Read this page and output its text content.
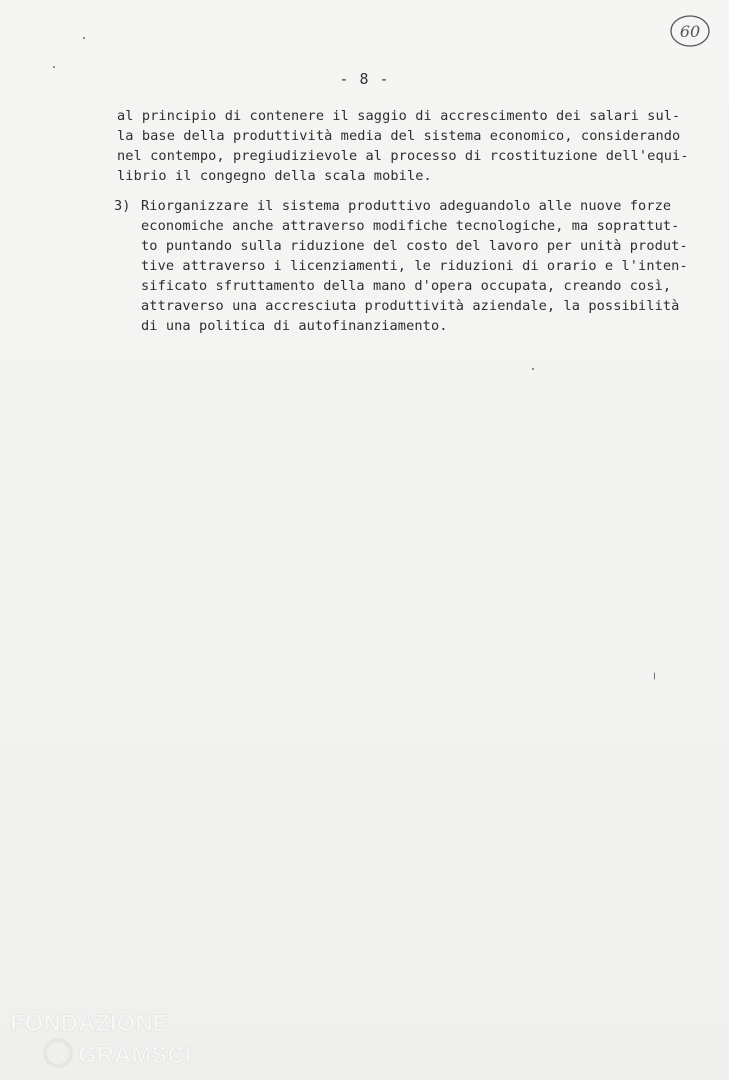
60
- 8 -
al principio di contenere il saggio di accrescimento dei salari sul-
la base della produttività media del sistema economico, considerando
nel contempo, pregiudizievole al processo di rcostituzione dell'equi-
librio il congegno della scala mobile.
3) Riorganizzare il sistema produttivo adeguandolo alle nuove forze
economiche anche attraverso modifiche tecnologiche, ma soprattut-
to puntando sulla riduzione del costo del lavoro per unità produt-
tive attraverso i licenziamenti, le riduzioni di orario e l'inten-
sificato sfruttamento della mano d'opera occupata, creando così,
attraverso una accresciuta produttività aziendale, la possibilità
di una politica di autofinanziamento.
FONDAZIONE
GRAMSCI
